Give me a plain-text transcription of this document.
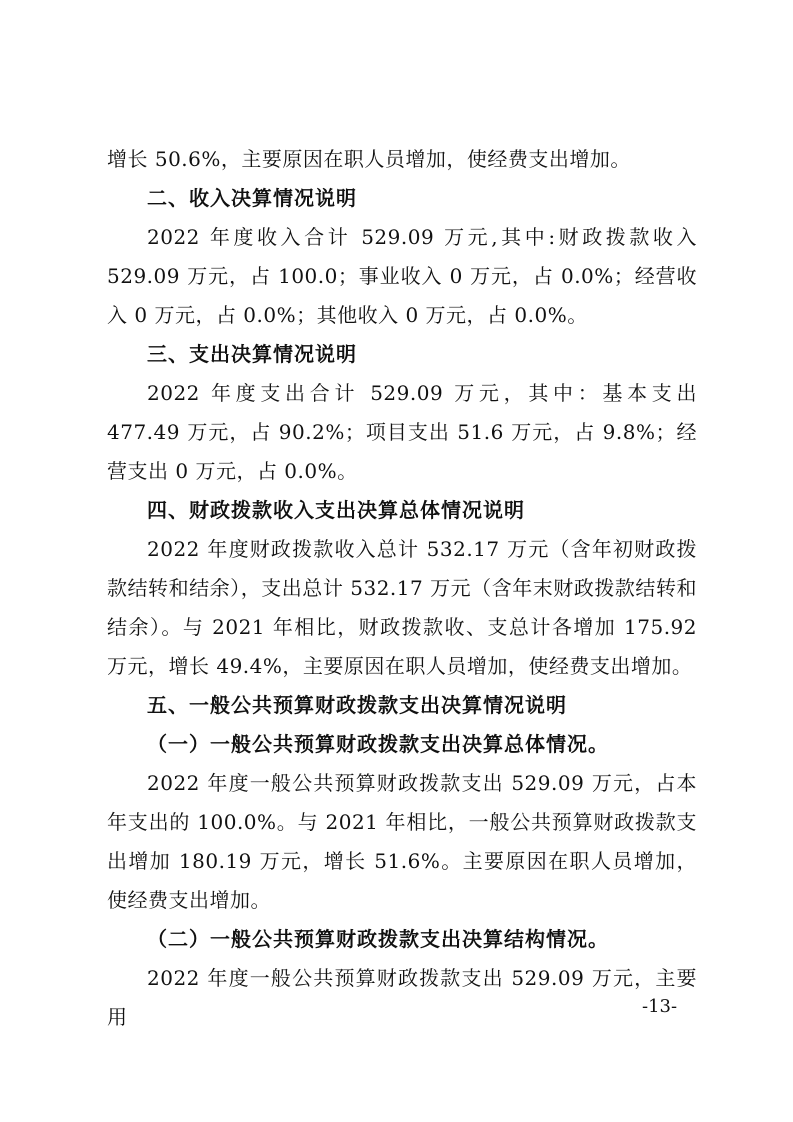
增长 50.6%，主要原因在职人员增加，使经费支出增加。

二、收入决算情况说明

2022 年度收入合计 529.09 万元,其中:财政拨款收入 529.09 万元，占 100.0；事业收入 0 万元，占 0.0%；经营收入 0 万元，占 0.0%；其他收入 0 万元，占 0.0%。

三、支出决算情况说明

2022 年度支出合计 529.09 万元，其中：基本支出 477.49 万元，占 90.2%；项目支出 51.6 万元，占 9.8%；经营支出 0 万元，占 0.0%。

四、财政拨款收入支出决算总体情况说明

2022 年度财政拨款收入总计 532.17 万元（含年初财政拨款结转和结余），支出总计 532.17 万元（含年末财政拨款结转和结余）。与 2021 年相比，财政拨款收、支总计各增加 175.92 万元，增长 49.4%，主要原因在职人员增加，使经费支出增加。

五、一般公共预算财政拨款支出决算情况说明

（一）一般公共预算财政拨款支出决算总体情况。

2022 年度一般公共预算财政拨款支出 529.09 万元，占本年支出的 100.0%。与 2021 年相比，一般公共预算财政拨款支出增加 180.19 万元，增长 51.6%。主要原因在职人员增加，使经费支出增加。

（二）一般公共预算财政拨款支出决算结构情况。

2022 年度一般公共预算财政拨款支出 529.09 万元，主要用	-13-
